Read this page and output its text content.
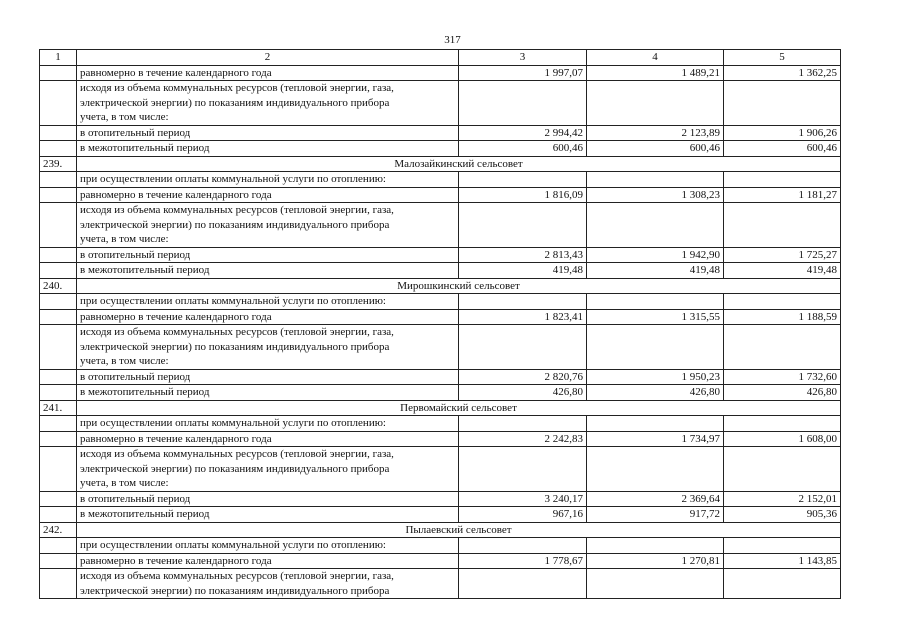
317
1	2	3	4	5
	равномерно в течение календарного года	1 997,07	1 489,21	1 362,25

	исходя из объема коммунальных ресурсов (тепловой энергии, газа,
электрической энергии) по показаниям индивидуального прибора
учета, в том числе:			

	в отопительный период	2 994,42	2 123,89	1 906,26
	в межотопительный период	600,46	600,46	600,46
239.	Малозайкинский сельсовет			
	при осуществлении оплаты коммунальной услуги по отоплению:			
	равномерно в течение календарного года	1 816,09	1 308,23	1 181,27

	исходя из объема коммунальных ресурсов (тепловой энергии, газа,
электрической энергии) по показаниям индивидуального прибора
учета, в том числе:			

	в отопительный период	2 813,43	1 942,90	1 725,27
	в межотопительный период	419,48	419,48	419,48
240.	Мирошкинский сельсовет			
	при осуществлении оплаты коммунальной услуги по отоплению:			
	равномерно в течение календарного года	1 823,41	1 315,55	1 188,59

	исходя из объема коммунальных ресурсов (тепловой энергии, газа,
электрической энергии) по показаниям индивидуального прибора
учета, в том числе:			

	в отопительный период	2 820,76	1 950,23	1 732,60
	в межотопительный период	426,80	426,80	426,80
241.	Первомайский сельсовет			
	при осуществлении оплаты коммунальной услуги по отоплению:			
	равномерно в течение календарного года	2 242,83	1 734,97	1 608,00

	исходя из объема коммунальных ресурсов (тепловой энергии, газа,
электрической энергии) по показаниям индивидуального прибора
учета, в том числе:			

	в отопительный период	3 240,17	2 369,64	2 152,01
	в межотопительный период	967,16	917,72	905,36
242.	Пылаевский сельсовет			
	при осуществлении оплаты коммунальной услуги по отоплению:			
	равномерно в течение календарного года	1 778,67	1 270,81	1 143,85

	исходя из объема коммунальных ресурсов (тепловой энергии, газа,
электрической энергии) по показаниям индивидуального прибора			
